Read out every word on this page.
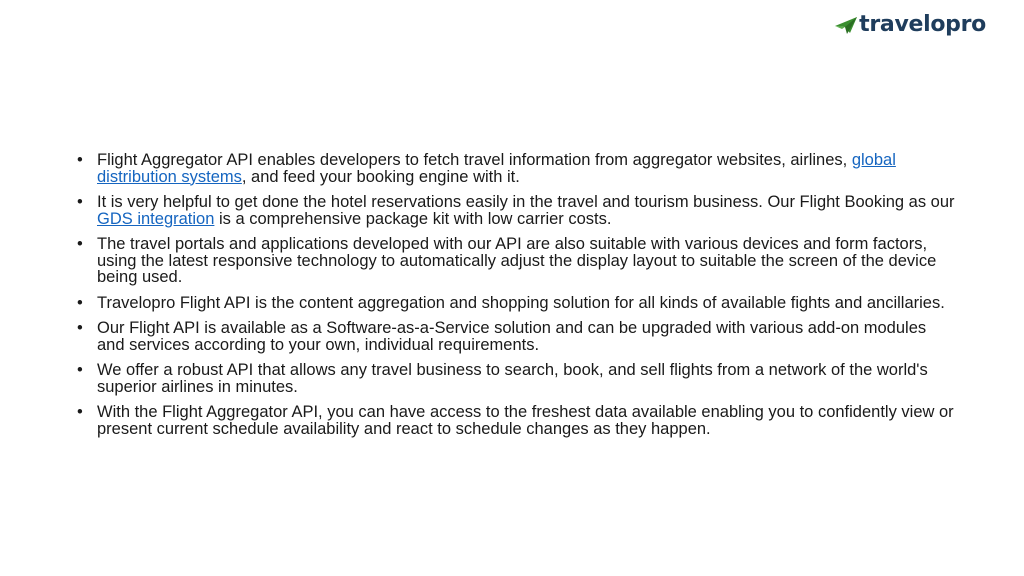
travelopro
• Flight Aggregator API enables developers to fetch travel information from aggregator websites, airlines, global distribution systems, and feed your booking engine with it.
• It is very helpful to get done the hotel reservations easily in the travel and tourism business. Our Flight Booking as our GDS integration is a comprehensive package kit with low carrier costs.
• The travel portals and applications developed with our API are also suitable with various devices and form factors, using the latest responsive technology to automatically adjust the display layout to suitable the screen of the device being used.
• Travelopro Flight API is the content aggregation and shopping solution for all kinds of available fights and ancillaries.
• Our Flight API is available as a Software-as-a-Service solution and can be upgraded with various add-on modules and services according to your own, individual requirements.
• We offer a robust API that allows any travel business to search, book, and sell flights from a network of the world's superior airlines in minutes.
• With the Flight Aggregator API, you can have access to the freshest data available enabling you to confidently view or present current schedule availability and react to schedule changes as they happen.
